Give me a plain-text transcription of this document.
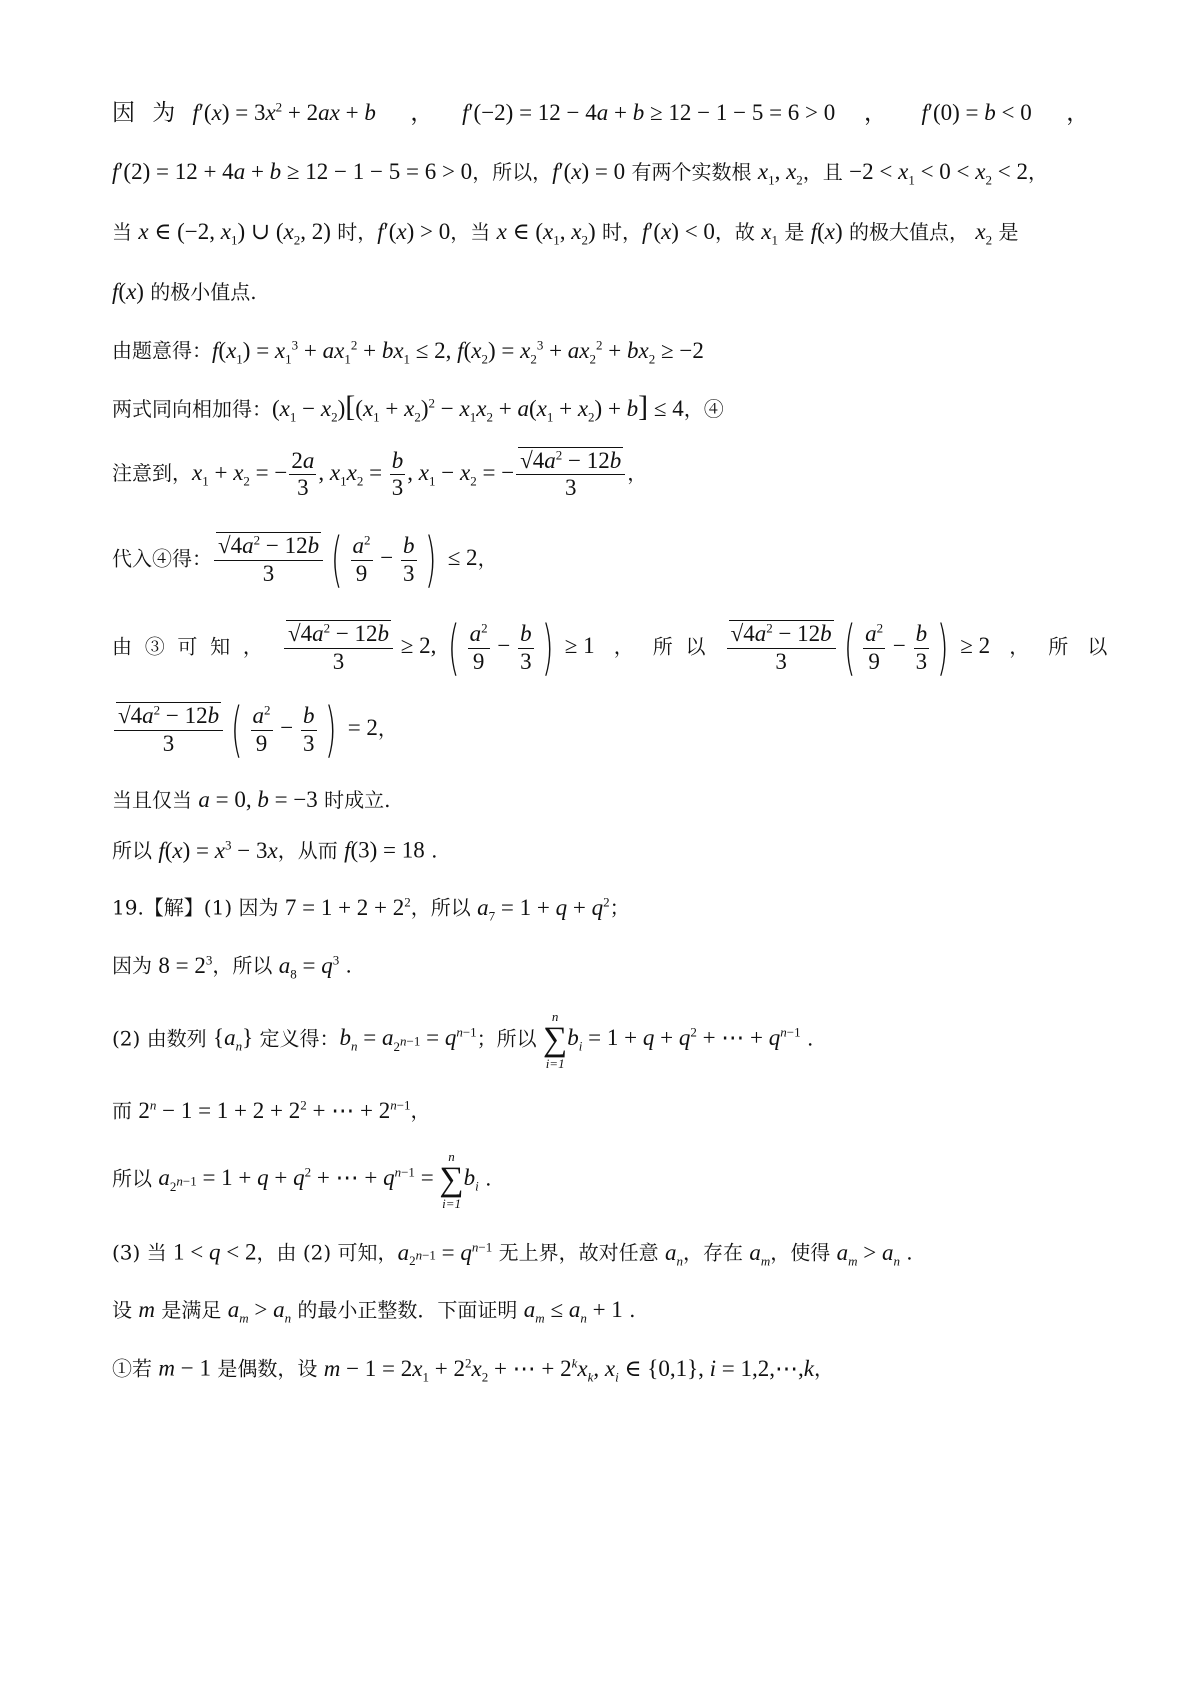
因   为   $f'(x) = 3x^2 + 2ax + b$      ，     f′(−2) = 12 − 4a + b ≥ 12 − 1 − 5 = 6 > 0     ，      f′(0) = b < 0      ，
f′(2) = 12 + 4a + b ≥ 12 − 1 − 5 = 6 > 0，所以，f′(x) = 0 有两个实数根 $x_1$, $x_2$，且 $-2 < x_1 < 0 < x_2 < 2$，
当 x ∈ (−2, $x_1$) ∪ ($x_2$, 2) 时，f′(x) > 0，当 x ∈ ($x_1$, $x_2$) 时，f′(x) < 0，故 $x_1$ 是 f(x) 的极大值点， $x_2$ 是
f(x) 的极小值点.
由题意得：$f(x_1) = x_1^3 + ax_1^2 + bx_1 \le 2$, $f(x_2) = x_2^3 + ax_2^2 + bx_2 \ge -2$
两式同向相加得：$(x_1 - x_2)[(x_1 + x_2)^2 - x_1x_2 + a(x_1 + x_2) + b] \le 4$，④
注意到，$x_1 + x_2$ = − $\frac{2a}{3}$ , $x_1x_2 = \frac{b}{3}$ , $x_1 - x_2$ = − √ $\frac{4a^2 - 12b}{3}$ ，
代入④得： √ $\frac{4a^2 - 12b}{3}$ ( $\frac{a^2}{9} - \frac{b}{3}$ ) ≤ 2，
由  ③  可  知  ， √ $\frac{4a^2 - 12b}{3} \ge 2$, ( $\frac{a^2}{9} - \frac{b}{3}$ ) ≥ 1   ，   所  以 √ $\frac{4a^2 - 12b}{3}$ ( $\frac{a^2}{9} - \frac{b}{3}$ ) ≥ 2   ，   所   以
√ $\frac{4a^2 - 12b}{3}$ ( $\frac{a^2}{9} - \frac{b}{3}$ ) = 2，
当且仅当 a = 0, b = −3 时成立.
所以 $f(x) = x^3 - 3x$，从而 f(3) = 18 .
19.【解】(1) 因为 $7 = 1 + 2 + 2^2$，所以 $a_7 = 1 + q + q^2$；
因为 $8 = 2^3$，所以 $a_8 = q^3$ .
(2) 由数列 $\{a_n\}$ 定义得：$b_n = a_{2^{n-1}} = q^{n-1}$；所以
n
∑
i=1
$b_i = 1 + q + q^2$ + ⋯ + $q^{n-1}$ .
而 $2^n - 1 = 1 + 2 + 2^2$ + ⋯ + $2^{n-1}$，
所以 $a_{2^{n-1}} = 1 + q + q^2$ + ⋯ + $q^{n-1}$ =
n
∑
i=1
$b_i$ .
(3) 当 1 < q < 2，由 (2) 可知，$a_{2^{n-1}} = q^{n-1}$ 无上界，故对任意 $a_n$，存在 $a_m$，使得 $a_m > a_n$ .
设 m 是满足 $a_m > a_n$ 的最小正整数．下面证明 $a_m \le a_n + 1$ .
①若 m − 1 是偶数，设 $m - 1 = 2x_1 + 2^2x_2$ + ⋯ + $2^kx_k$, $x_i$ ∈ {0,1}, i = 1,2,⋯,k，
